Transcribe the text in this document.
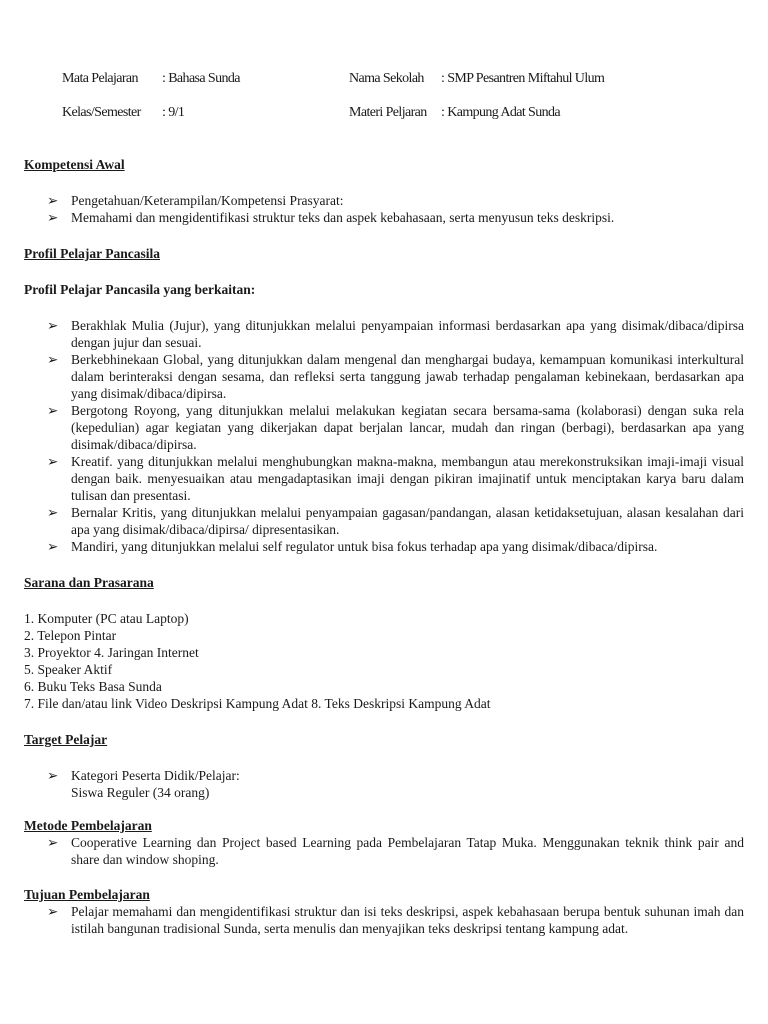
Mata Pelajaran : Bahasa Sunda	Nama Sekolah : SMP Pesantren Miftahul Ulum
Kelas/Semester : 9/1	Materi Peljaran : Kampung Adat Sunda
Kompetensi Awal
➢ Pengetahuan/Keterampilan/Kompetensi Prasyarat:
➢ Memahami dan mengidentifikasi struktur teks dan aspek kebahasaan, serta menyusun teks deskripsi.
Profil Pelajar Pancasila
Profil Pelajar Pancasila yang berkaitan:
➢ Berakhlak Mulia (Jujur), yang ditunjukkan melalui penyampaian informasi berdasarkan apa yang disimak/dibaca/dipirsa dengan jujur dan sesuai.
➢ Berkebhinekaan Global, yang ditunjukkan dalam mengenal dan menghargai budaya, kemampuan komunikasi interkultural dalam berinteraksi dengan sesama, dan refleksi serta tanggung jawab terhadap pengalaman kebinekaan, berdasarkan apa yang disimak/dibaca/dipirsa.
➢ Bergotong Royong, yang ditunjukkan melalui melakukan kegiatan secara bersama-sama (kolaborasi) dengan suka rela (kepedulian) agar kegiatan yang dikerjakan dapat berjalan lancar, mudah dan ringan (berbagi), berdasarkan apa yang disimak/dibaca/dipirsa.
➢ Kreatif. yang ditunjukkan melalui menghubungkan makna-makna, membangun atau merekonstruksikan imaji-imaji visual dengan baik. menyesuaikan atau mengadaptasikan imaji dengan pikiran imajinatif untuk menciptakan karya baru dalam tulisan dan presentasi.
➢ Bernalar Kritis, yang ditunjukkan melalui penyampaian gagasan/pandangan, alasan ketidaksetujuan, alasan kesalahan dari apa yang disimak/dibaca/dipirsa/ dipresentasikan.
➢ Mandiri, yang ditunjukkan melalui self regulator untuk bisa fokus terhadap apa yang disimak/dibaca/dipirsa.
Sarana dan Prasarana
1. Komputer (PC atau Laptop)
2. Telepon Pintar
3. Proyektor 4. Jaringan Internet
5. Speaker Aktif
6. Buku Teks Basa Sunda
7. File dan/atau link Video Deskripsi Kampung Adat 8. Teks Deskripsi Kampung Adat
Target Pelajar
➢ Kategori Peserta Didik/Pelajar:
Siswa Reguler (34 orang)
Metode Pembelajaran
➢ Cooperative Learning dan Project based Learning pada Pembelajaran Tatap Muka. Menggunakan teknik think pair and share dan window shoping.
Tujuan Pembelajaran
➢ Pelajar memahami dan mengidentifikasi struktur dan isi teks deskripsi, aspek kebahasaan berupa bentuk suhunan imah dan istilah bangunan tradisional Sunda, serta menulis dan menyajikan teks deskripsi tentang kampung adat.
